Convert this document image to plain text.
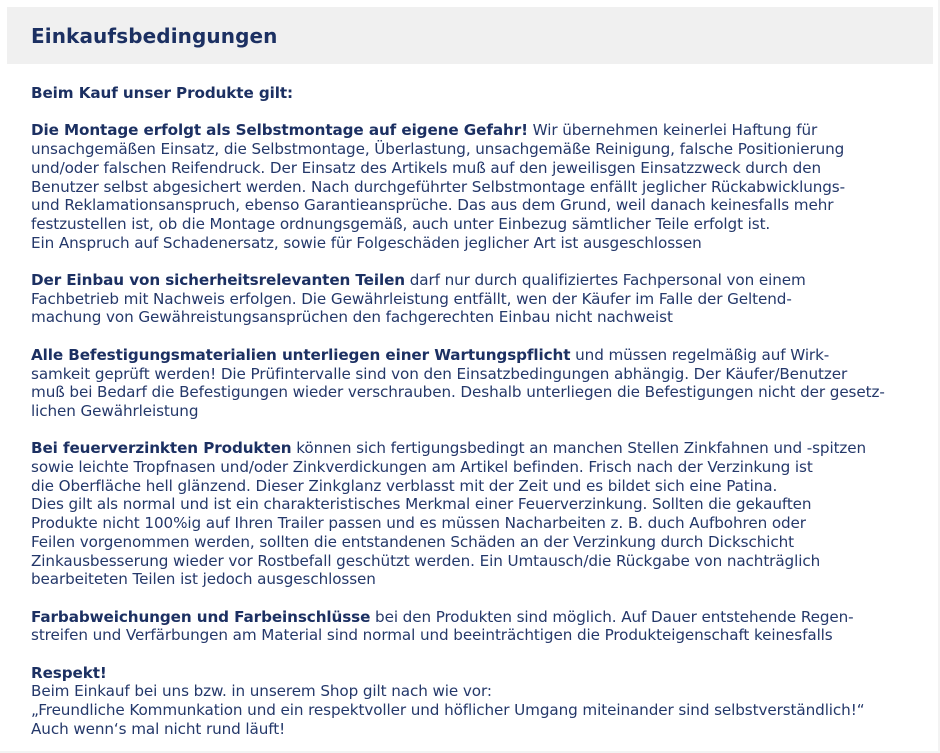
Einkaufsbedingungen

Beim Kauf unser Produkte gilt:

Die Montage erfolgt als Selbstmontage auf eigene Gefahr! Wir übernehmen keinerlei Haftung für
unsachgemäßen Einsatz, die Selbstmontage, Überlastung, unsachgemäße Reinigung, falsche Positionierung
und/oder falschen Reifendruck. Der Einsatz des Artikels muß auf den jeweilisgen Einsatzzweck durch den
Benutzer selbst abgesichert werden. Nach durchgeführter Selbstmontage enfällt jeglicher Rückabwicklungs-
und Reklamationsanspruch, ebenso Garantieansprüche. Das aus dem Grund, weil danach keinesfalls mehr
festzustellen ist, ob die Montage ordnungsgemäß, auch unter Einbezug sämtlicher Teile erfolgt ist.
Ein Anspruch auf Schadenersatz, sowie für Folgeschäden jeglicher Art ist ausgeschlossen
Der Einbau von sicherheitsrelevanten Teilen darf nur durch qualifiziertes Fachpersonal von einem
Fachbetrieb mit Nachweis erfolgen. Die Gewährleistung entfällt, wen der Käufer im Falle der Geltend-
machung von Gewähreistungsansprüchen den fachgerechten Einbau nicht nachweist
Alle Befestigungsmaterialien unterliegen einer Wartungspflicht und müssen regelmäßig auf Wirk-
samkeit geprüft werden! Die Prüfintervalle sind von den Einsatzbedingungen abhängig. Der Käufer/Benutzer
muß bei Bedarf die Befestigungen wieder verschrauben. Deshalb unterliegen die Befestigungen nicht der gesetz-
lichen Gewährleistung
Bei feuerverzinkten Produkten können sich fertigungsbedingt an manchen Stellen Zinkfahnen und -spitzen
sowie leichte Tropfnasen und/oder Zinkverdickungen am Artikel befinden. Frisch nach der Verzinkung ist
die Oberfläche hell glänzend. Dieser Zinkglanz verblasst mit der Zeit und es bildet sich eine Patina.
Dies gilt als normal und ist ein charakteristisches Merkmal einer Feuerverzinkung. Sollten die gekauften
Produkte nicht 100%ig auf Ihren Trailer passen und es müssen Nacharbeiten z. B. duch Aufbohren oder
Feilen vorgenommen werden, sollten die entstandenen Schäden an der Verzinkung durch Dickschicht
Zinkausbesserung wieder vor Rostbefall geschützt werden. Ein Umtausch/die Rückgabe von nachträglich
bearbeiteten Teilen ist jedoch ausgeschlossen
Farbabweichungen und Farbeinschlüsse bei den Produkten sind möglich. Auf Dauer entstehende Regen-
streifen und Verfärbungen am Material sind normal und beeinträchtigen die Produkteigenschaft keinesfalls
Respekt!
Beim Einkauf bei uns bzw. in unserem Shop gilt nach wie vor:
„Freundliche Kommunkation und ein respektvoller und höflicher Umgang miteinander sind selbstverständlich!“
Auch wenn‘s mal nicht rund läuft!
